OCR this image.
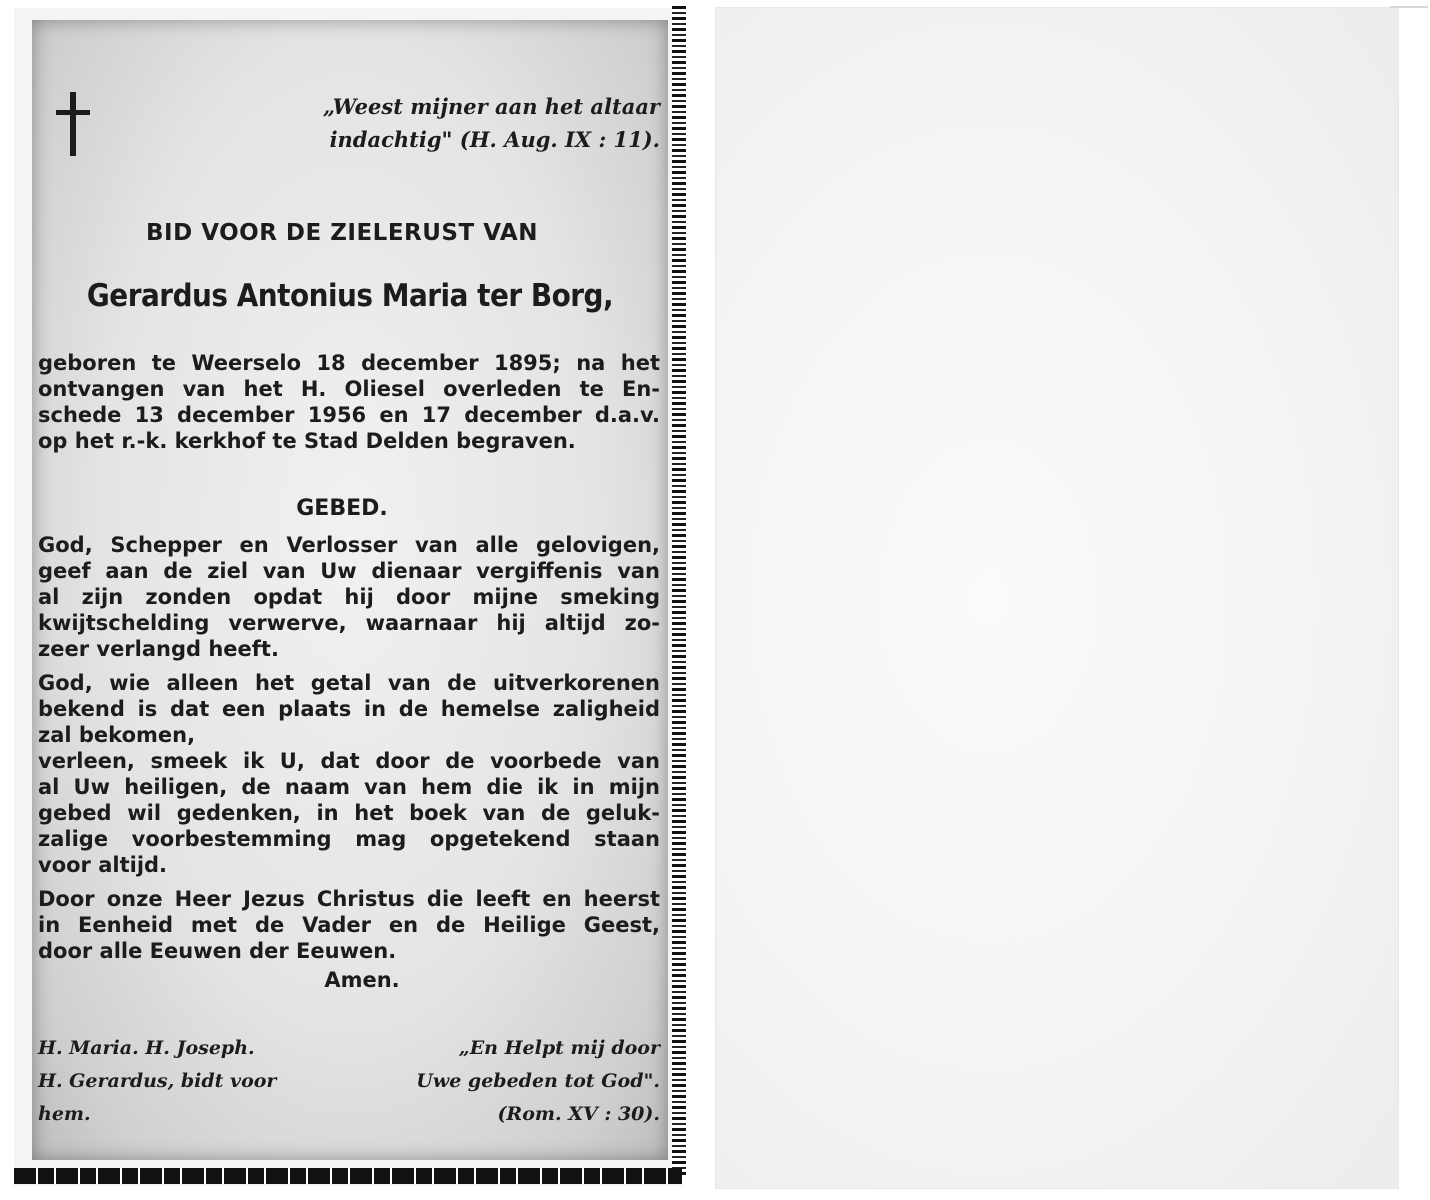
„Weest mijner aan het altaar
indachtig" (H. Aug. IX : 11).
BID VOOR DE ZIELERUST VAN
Gerardus Antonius Maria ter Borg,
geboren te Weerselo 18 december 1895; na het
ontvangen van het H. Oliesel overleden te En-
schede 13 december 1956 en 17 december d.a.v.
op het r.-k. kerkhof te Stad Delden begraven.
GEBED.
God, Schepper en Verlosser van alle gelovigen,
geef aan de ziel van Uw dienaar vergiffenis van
al zijn zonden opdat hij door mijne smeking
kwijtschelding verwerve, waarnaar hij altijd zo-
zeer verlangd heeft.
God, wie alleen het getal van de uitverkorenen
bekend is dat een plaats in de hemelse zaligheid
zal bekomen,
verleen, smeek ik U, dat door de voorbede van
al Uw heiligen, de naam van hem die ik in mijn
gebed wil gedenken, in het boek van de geluk-
zalige voorbestemming mag opgetekend staan
voor altijd.
Door onze Heer Jezus Christus die leeft en heerst
in Eenheid met de Vader en de Heilige Geest,
door alle Eeuwen der Eeuwen.
Amen.
H. Maria. H. Joseph.
H. Gerardus, bidt voor
hem.
„En Helpt mij door
Uwe gebeden tot God".
(Rom. XV : 30).
